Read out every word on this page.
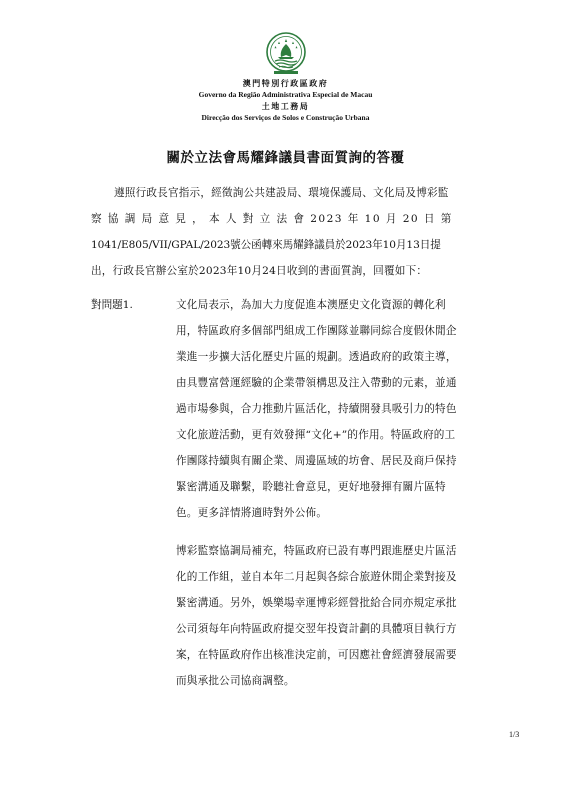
澳門特別行政區政府
Governo da Região Administrativa Especial de Macau
土地工務局
Direcção dos Serviços de Solos e Construção Urbana
關於立法會馬耀鋒議員書面質詢的答覆
遵照行政長官指示，經徵詢公共建設局、環境保護局、文化局及博彩監
察 協 調 局 意 見 ， 本 人 對 立 法 會 2023 年 10 月 20 日 第
1041/E805/VII/GPAL/2023號公函轉來馬耀鋒議員於2023年10月13日提
出，行政長官辦公室於2023年10月24日收到的書面質詢，回覆如下：
對問題1.	文化局表示，為加大力度促進本澳歷史文化資源的轉化利
用，特區政府多個部門組成工作團隊並聯同綜合度假休閒企
業進一步擴大活化歷史片區的規劃。透過政府的政策主導，
由具豐富營運經驗的企業帶領構思及注入帶動的元素，並通
過市場參與，合力推動片區活化，持續開發具吸引力的特色
文化旅遊活動，更有效發揮“文化+”的作用。特區政府的工
作團隊持續與有關企業、周邊區域的坊會、居民及商戶保持
緊密溝通及聯繫，聆聽社會意見，更好地發揮有關片區特
色。更多詳情將適時對外公佈。
博彩監察協調局補充，特區政府已設有專門跟進歷史片區活
化的工作組，並自本年二月起與各綜合旅遊休閒企業對接及
緊密溝通。另外，娛樂場幸運博彩經營批給合同亦規定承批
公司須每年向特區政府提交翌年投資計劃的具體項目執行方
案，在特區政府作出核准決定前，可因應社會經濟發展需要
而與承批公司協商調整。
1/3
